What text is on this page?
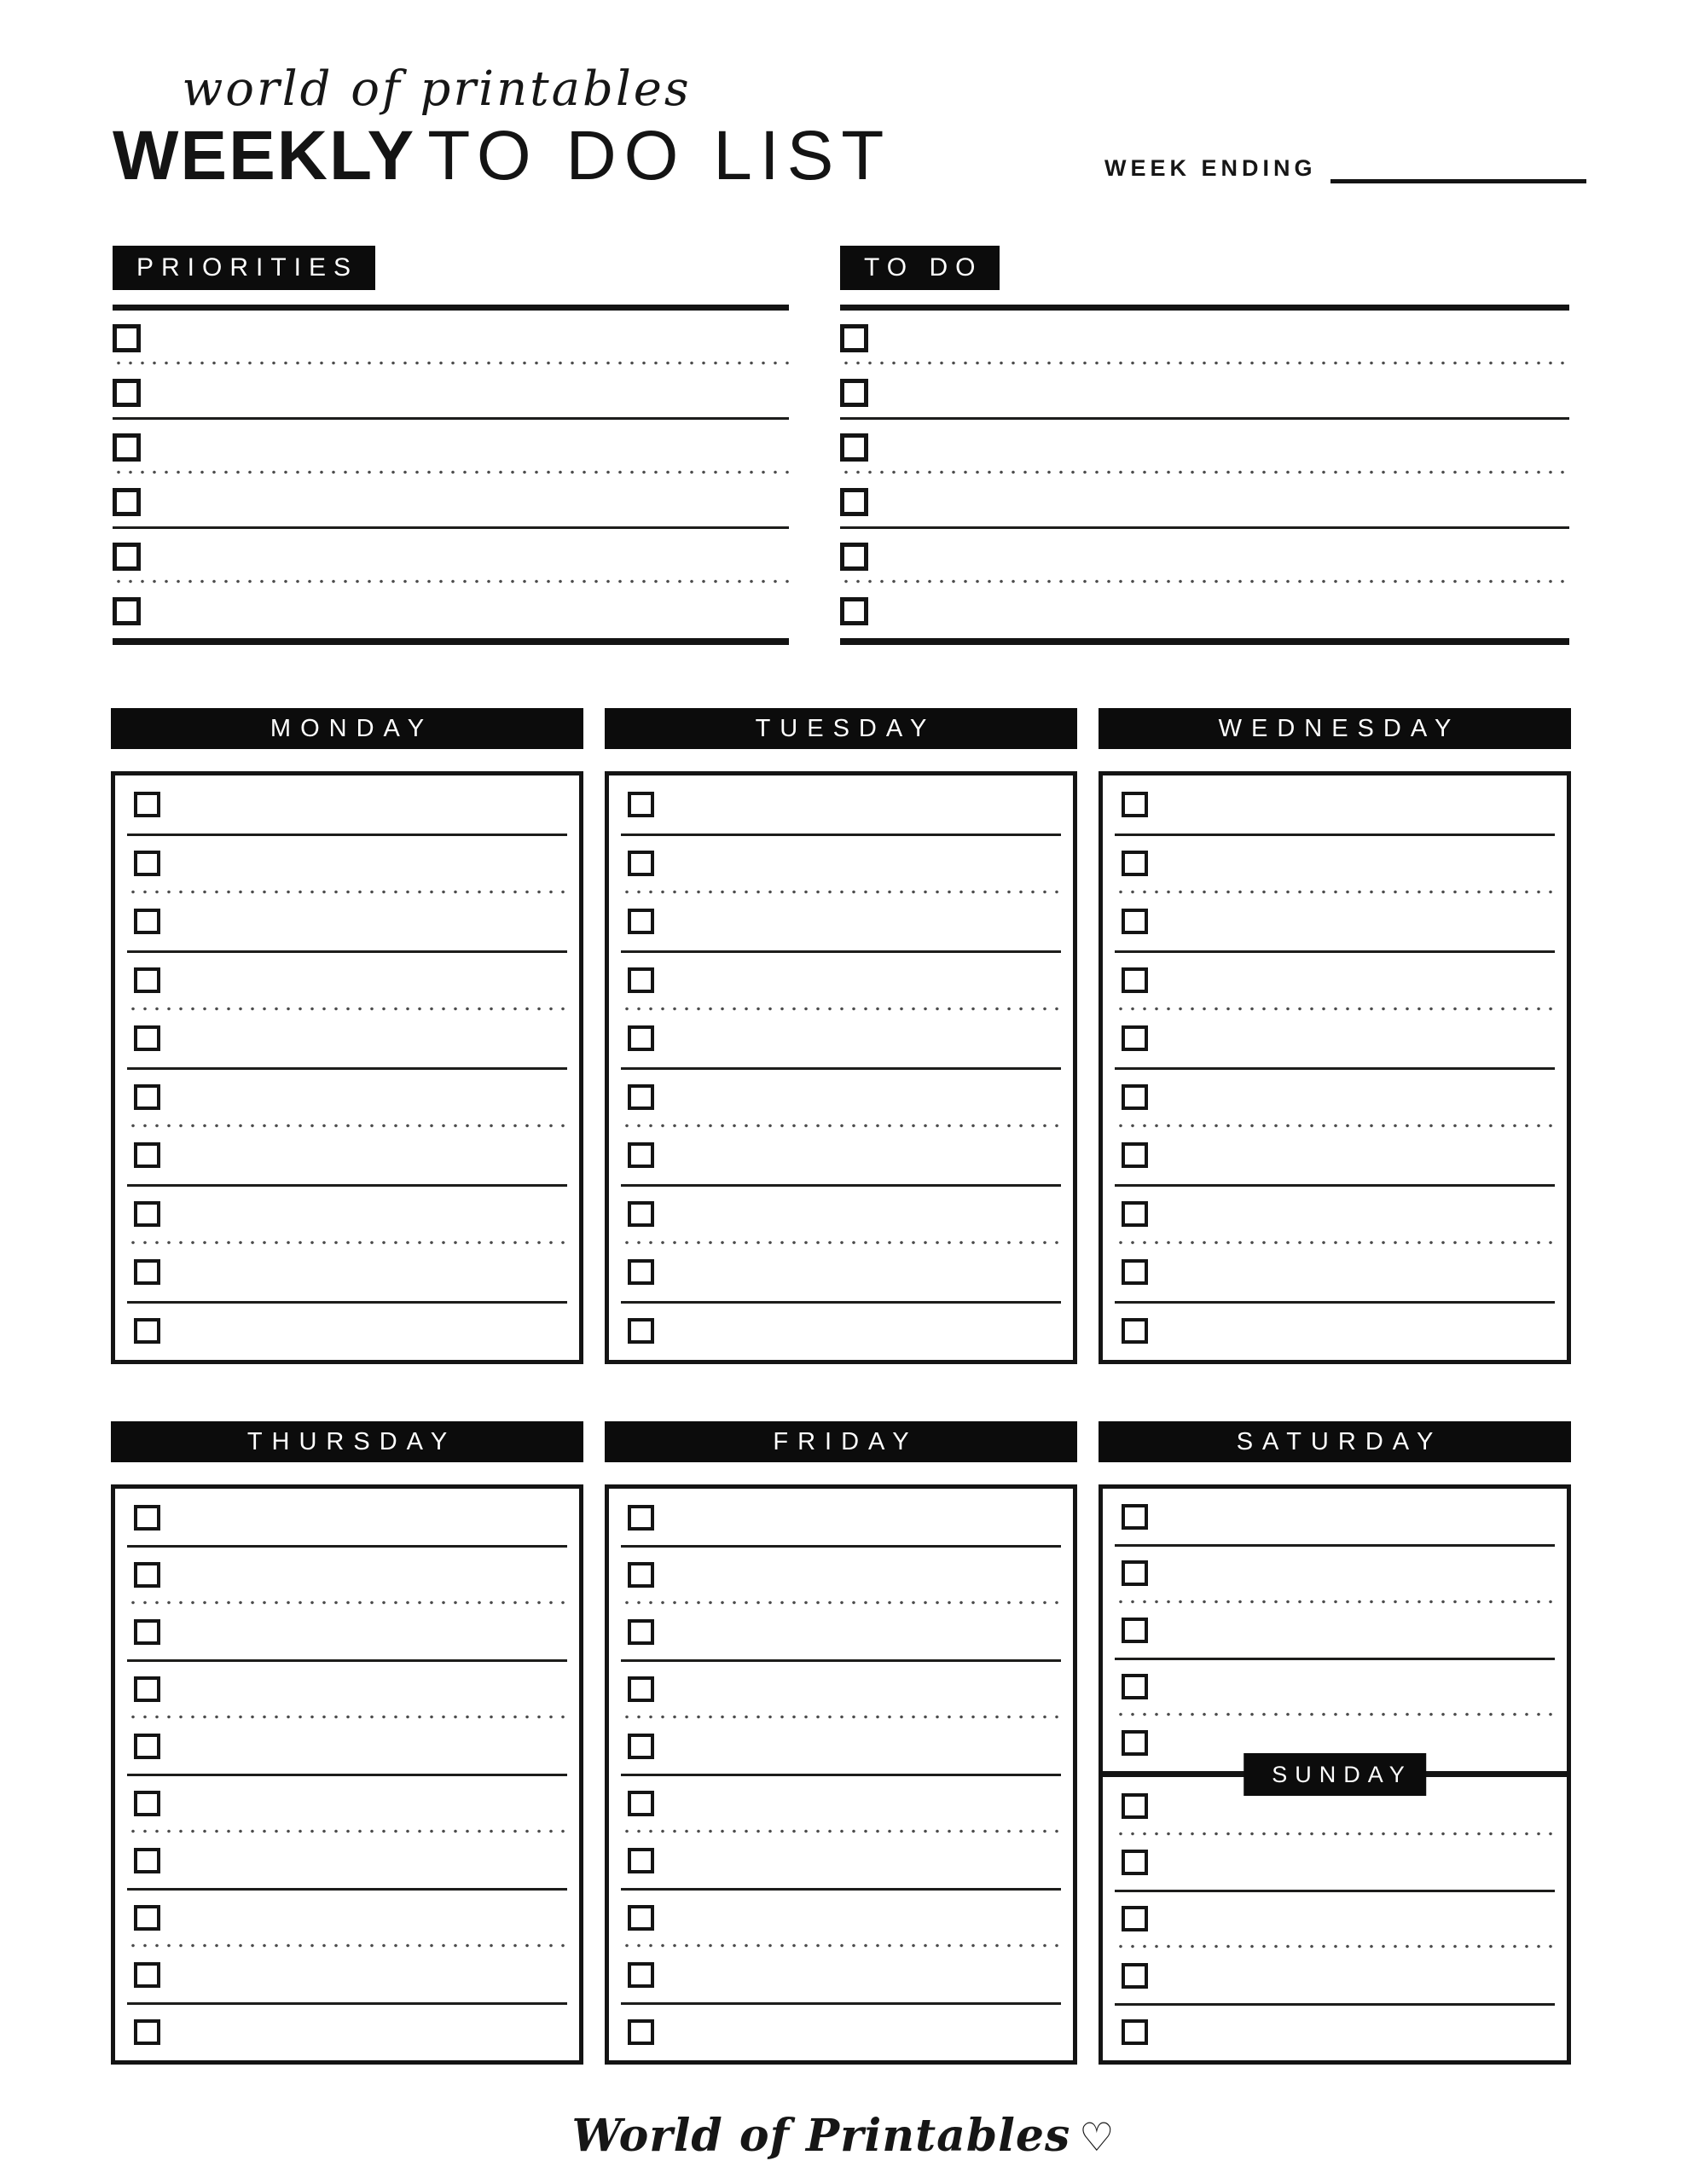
world of printables
WEEKLY TO DO LIST	WEEK ENDING
PRIORITIES	TO DO
MONDAY	TUESDAY	WEDNESDAY
THURSDAY	FRIDAY	SATURDAY
SUNDAY
World of Printables ♡
